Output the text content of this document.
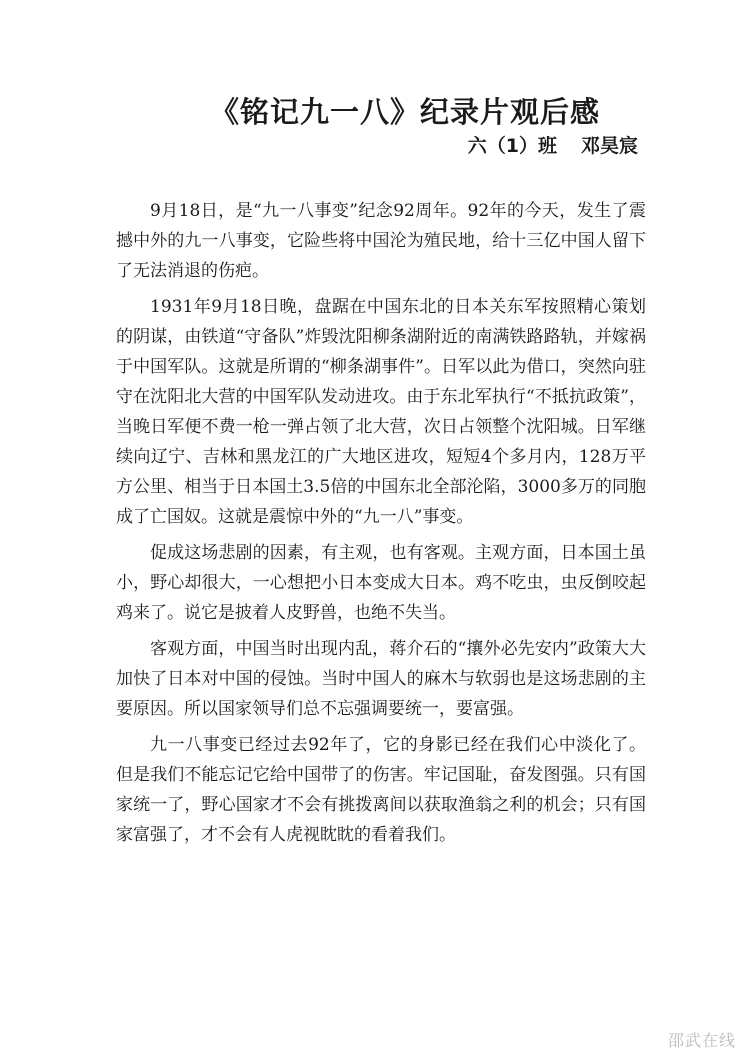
《铭记九一八》纪录片观后感

六（1）班 邓昊宸

9月18日，是“九一八事变”纪念92周年。92年的今天，发生了震撼中外的九一八事变，它险些将中国沦为殖民地，给十三亿中国人留下了无法消退的伤疤。

1931年9月18日晚，盘踞在中国东北的日本关东军按照精心策划的阴谋，由铁道“守备队”炸毁沈阳柳条湖附近的南满铁路路轨，并嫁祸于中国军队。这就是所谓的“柳条湖事件”。日军以此为借口，突然向驻守在沈阳北大营的中国军队发动进攻。由于东北军执行“不抵抗政策”，当晚日军便不费一枪一弹占领了北大营，次日占领整个沈阳城。日军继续向辽宁、吉林和黑龙江的广大地区进攻，短短4个多月内，128万平方公里、相当于日本国土3.5倍的中国东北全部沦陷，3000多万的同胞成了亡国奴。这就是震惊中外的“九一八”事变。

促成这场悲剧的因素，有主观，也有客观。主观方面，日本国土虽小，野心却很大，一心想把小日本变成大日本。鸡不吃虫，虫反倒咬起鸡来了。说它是披着人皮野兽，也绝不失当。

客观方面，中国当时出现内乱，蒋介石的“攘外必先安内”政策大大加快了日本对中国的侵蚀。当时中国人的麻木与软弱也是这场悲剧的主要原因。所以国家领导们总不忘强调要统一，要富强。

九一八事变已经过去92年了，它的身影已经在我们心中淡化了。但是我们不能忘记它给中国带了的伤害。牢记国耻，奋发图强。只有国家统一了，野心国家才不会有挑拨离间以获取渔翁之利的机会；只有国家富强了，才不会有人虎视眈眈的看着我们。

邵武在线
